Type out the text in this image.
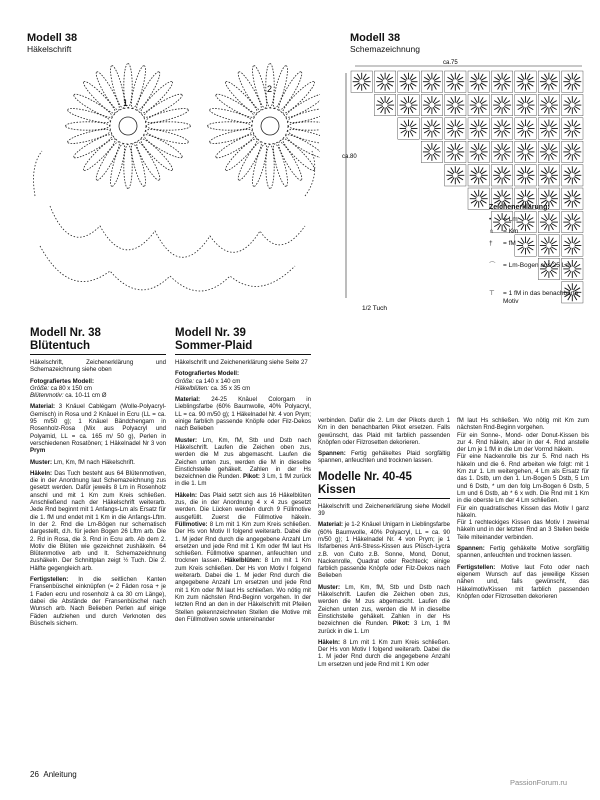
Modell 38
Häkelschrift
1
2
Modell 38
Schemazeichnung
ca.75
ca.80
1/2 Tuch
Zeichenerklärung:
• = Lm
∩ = Km
† = fM
⌒ = Lm-Bogen aus 25 Lm
⊤ = 1 fM in das benachbarte Motiv
Modell Nr. 38
Blütentuch

Häkelschrift, Zeichenerklärung und Schemazeichnung siehe oben

Fotografiertes Modell:

Größe: ca 80 x 150 cm

Blütenmotiv: ca. 10-11 cm Ø

Material: 3 Knäuel Cablégarn (Wolle-Polyacryl-Gemisch) in Rosa und 2 Knäuel in Ecru (LL = ca. 95 m/50 g); 1 Knäuel Bändchengarn in Rosenholz-Rosa (Mix aus Polyacryl und Polyamid, LL = ca. 165 m/ 50 g), Perlen in verschiedenen Rosatönen; 1 Häkelnadel Nr 3 von Prym

Muster: Lm, Km, fM nach Häkelschrift.

Häkeln: Das Tuch besteht aus 64 Blütenmotiven, die in der Anordnung laut Schemazeichnung zus gesetzt werden. Dafür jeweils 8 Lm in Rosenholz anschl und mit 1 Km zum Kreis schließen. Anschließend nach der Häkelschrift weiterarb. Jede Rnd beginnt mit 1 Anfangs-Lm als Ersatz für die 1. fM und endet mit 1 Km in die Anfangs-Lftm. In der 2. Rnd die Lm-Bögen nur schematisch dargestellt, d.h. für jeden Bogen 26 Lftm arb. Die 2. Rd in Rosa, die 3. Rnd in Ecru arb. Ab dem 2. Motiv die Blüten wie gezeichnet zushäkeln. 64 Blütenmotive arb und lt. Schemazeichnung zushäkeln. Der Schnittplan zeigt ½ Tuch. Die 2. Hälfte gegengleich arb.

Fertigstellen: In die seitlichen Kanten Fransenbüschel einknüpfen (= 2 Fäden rosa + je 1 Faden ecru und rosenholz à ca 30 cm Länge), dabei die Abstände der Fransenbüschel nach Wunsch arb. Nach Belieben Perlen auf einige Fäden aufziehen und durch Verknoten des Büschels sichern.

Modell Nr. 39
Sommer-Plaid

Häkelschrift und Zeichenerklärung siehe Seite 27

Fotografiertes Modell:

Größe: ca 140 x 140 cm

Häkelblüten: ca. 35 x 35 cm

Material: 24-25 Knäuel Colorgarn in Lieblingsfarbe (60% Baumwolle, 40% Polyacryl, LL = ca. 90 m/50 g); 1 Häkelnadel Nr. 4 von Prym; einige farblich passende Knöpfe oder Filz-Dekos nach Belieben

Muster: Lm, Km, fM, Stb und Dstb nach Häkelschrift. Laufen die Zeichen oben zus, werden die M zus abgemascht. Laufen die Zeichen unten zus, werden die M in dieselbe Einstichstelle gehäkelt. Zahlen in der Hs bezeichnen die Runden. Pikot: 3 Lm, 1 fM zurück in die 1. Lm

Häkeln: Das Plaid setzt sich aus 16 Häkelblüten zus, die in der Anordnung 4 x 4 zus gesetzt werden. Die Lücken werden durch 9 Füllmotive ausgefüllt. Zuerst die Füllmotive häkeln. Füllmotive: 8 Lm mit 1 Km zum Kreis schließen. Der Hs von Motiv II folgend weiterarb. Dabei die 1. M jeder Rnd durch die angegebene Anzahl Lm ersetzen und jede Rnd mit 1 Km oder fM laut Hs schließen. Füllmotive spannen, anfeuchten und trocknen lassen. Häkelblüten: 8 Lm mit 1 Km zum Kreis schließen. Der Hs von Motiv I folgend weiterarb. Dabei die 1. M jeder Rnd durch die angegebene Anzahl Lm ersetzen und jede Rnd mit 1 Km oder fM laut Hs schließen. Wo nötig mit Km zum nächsten Rnd-Beginn vorgehen. In der letzten Rnd an den in der Häkelschrift mit Pfeilen Stellen gekennzeichneten Stellen die Motive mit den Füllmotiven sowie untereinander

verbinden. Dafür die 2. Lm der Pikots durch 1 Km in den benachbarten Pikot ersetzen. Falls gewünscht, das Plaid mit farblich passenden Knöpfen oder Filzrosetten dekorieren.

Spannen: Fertig gehäkeltes Plaid sorgfältig spannen, anfeuchten und trocknen lassen.

Modelle Nr. 40-45
Kissen

Häkelschrift und Zeichenerklärung siehe Modell 39

Material: je 1-2 Knäuel Unigarn in Lieblingsfarbe (60% Baumwolle, 40% Polyacryl, LL = ca. 90 m/50 g); 1 Häkelnadel Nr. 4 von Prym; je 1 Ilsfarbenes Anti-Stress-Kissen aus Plüsch-Lycra z.B. von Culto z.B. Sonne, Mond, Donut, Nackenrolle, Quadrat oder Rechteck; einige farblich passende Knöpfe oder Filz-Dekos nach Belieben

Muster: Lm, Km, fM, Stb und Dstb nach Häkelschrift. Laufen die Zeichen oben zus, werden die M zus abgemascht. Laufen die Zeichen unten zus, werden die M in dieselbe Einstichstelle gehäkelt. Zahlen in der Hs bezeichnen die Runden. Pikot: 3 Lm, 1 fM zurück in die 1. Lm

Häkeln: 8 Lm mit 1 Km zum Kreis schließen. Der Hs von Motiv I folgend weiterarb. Dabei die 1. M jeder Rnd durch die angegebene Anzahl Lm ersetzen und jede Rnd mit 1 Km oder

fM laut Hs schließen. Wo nötig mit Km zum nächsten Rnd-Beginn vorgehen.

Für ein Sonne-, Mond- oder Donut-Kissen bis zur 4. Rnd häkeln, aber in der 4. Rnd anstelle der Lm je 1 fM in die Lm der Vorrnd häkeln.

Für eine Nackenrolle bis zur 5. Rnd nach Hs häkeln und die 6. Rnd arbeiten wie folgt: mit 1 Km zur 1. Lm weitergehen, 4 Lm als Ersatz für das 1. Dstb, um den 1. Lm-Bogen 5 Dstb, 5 Lm und 6 Dstb, * um den folg Lm-Bogen 6 Dstb, 5 Lm und 6 Dstb, ab * 6 x wdh. Die Rnd mit 1 Km in die oberste Lm der 4 Lm schließen.

Für ein quadratisches Kissen das Motiv I ganz häkeln.

Für 1 rechteckiges Kissen das Motiv I zweimal häkeln und in der letzten Rnd an 3 Stellen beide Teile miteinander verbinden.

Spannen: Fertig gehäkelte Motive sorgfältig spannen, anfeuchten und trocknen lassen.

Fertigstellen: Motive laut Foto oder nach eigenem Wunsch auf das jeweilige Kissen nähen und, falls gewünscht, das Häkelmotiv/Kissen mit farblich passenden Knöpfen oder Filzrosetten dekorieren

26 Anleitung
PassionForum.ru
